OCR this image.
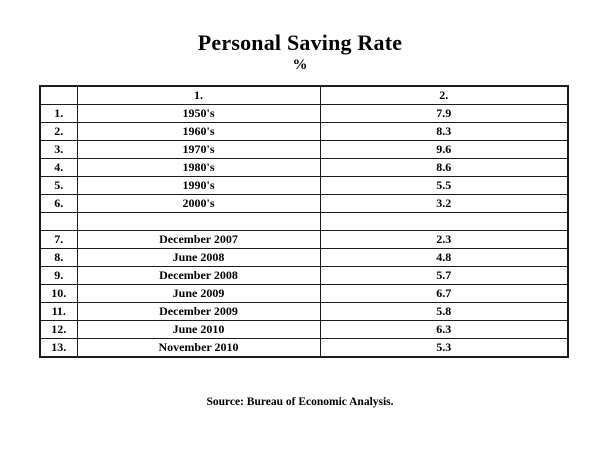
Personal Saving Rate
%
	1.	2.
1.	1950's	7.9
2.	1960's	8.3
3.	1970's	9.6
4.	1980's	8.6
5.	1990's	5.5
6.	2000's	3.2

7.	December 2007	2.3
8.	June 2008	4.8
9.	December 2008	5.7
10.	June 2009	6.7
11.	December 2009	5.8
12.	June 2010	6.3
13.	November 2010	5.3
Source: Bureau of Economic Analysis.
